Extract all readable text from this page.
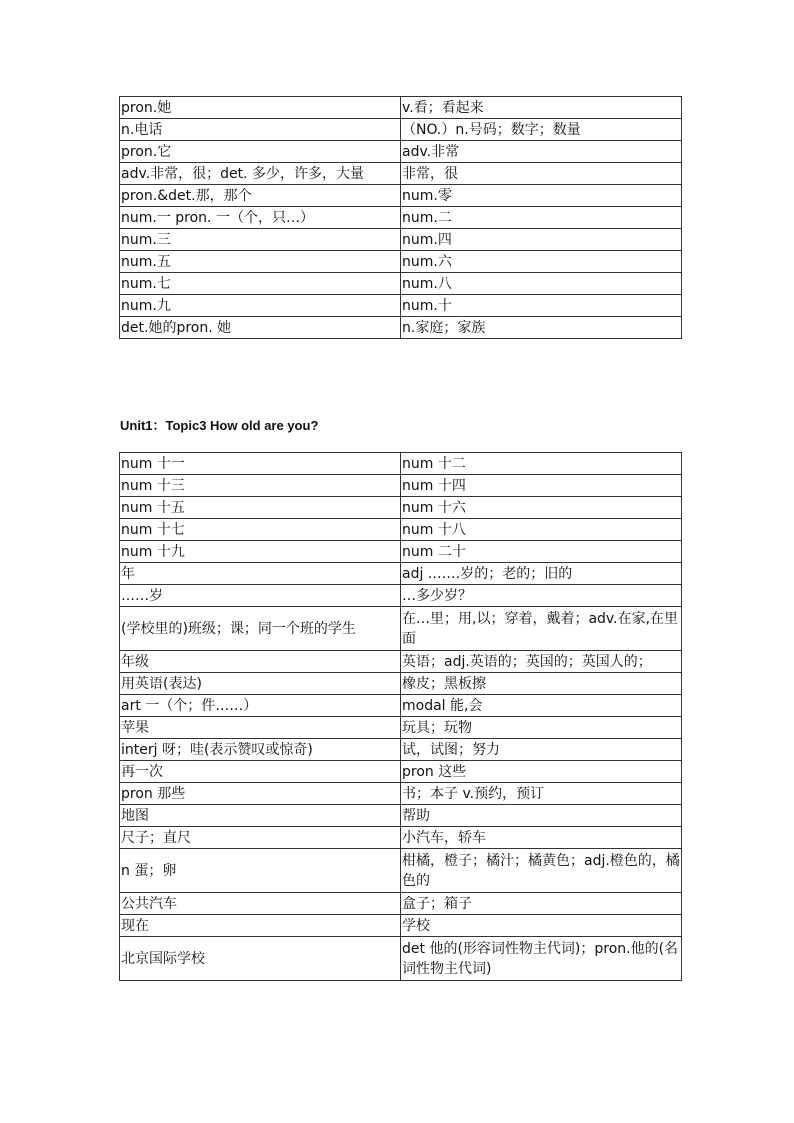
pron.她	v.看；看起来
n.电话	（NO.）n.号码；数字；数量
pron.它	adv.非常
adv.非常，很；det. 多少，许多，大量	非常，很
pron.&det.那，那个	num.零
num.一 pron. 一（个，只…）	num.二
num.三	num.四
num.五	num.六
num.七	num.八
num.九	num.十
det.她的pron. 她	n.家庭；家族
Unit1：Topic3 How old are you?
num 十一	num 十二
num 十三	num 十四
num 十五	num 十六
num 十七	num 十八
num 十九	num 二十
年	adj .……岁的；老的；旧的
……岁	…多少岁？
(学校里的)班级；课；同一个班的学生	在…里；用,以；穿着，戴着；adv.在家,在里面
年级	英语；adj.英语的；英国的；英国人的；
用英语(表达)	橡皮；黑板擦
art 一（个；件……）	modal 能,会
苹果	玩具；玩物
interj 呀；哇(表示赞叹或惊奇)	试，试图；努力
再一次	pron 这些
pron 那些	书；本子 v.预约，预订
地图	帮助
尺子；直尺	小汽车，轿车
n 蛋；卵	柑橘，橙子；橘汁；橘黄色；adj.橙色的，橘色的
公共汽车	盒子；箱子
现在	学校
北京国际学校	det 他的(形容词性物主代词)；pron.他的(名词性物主代词)
